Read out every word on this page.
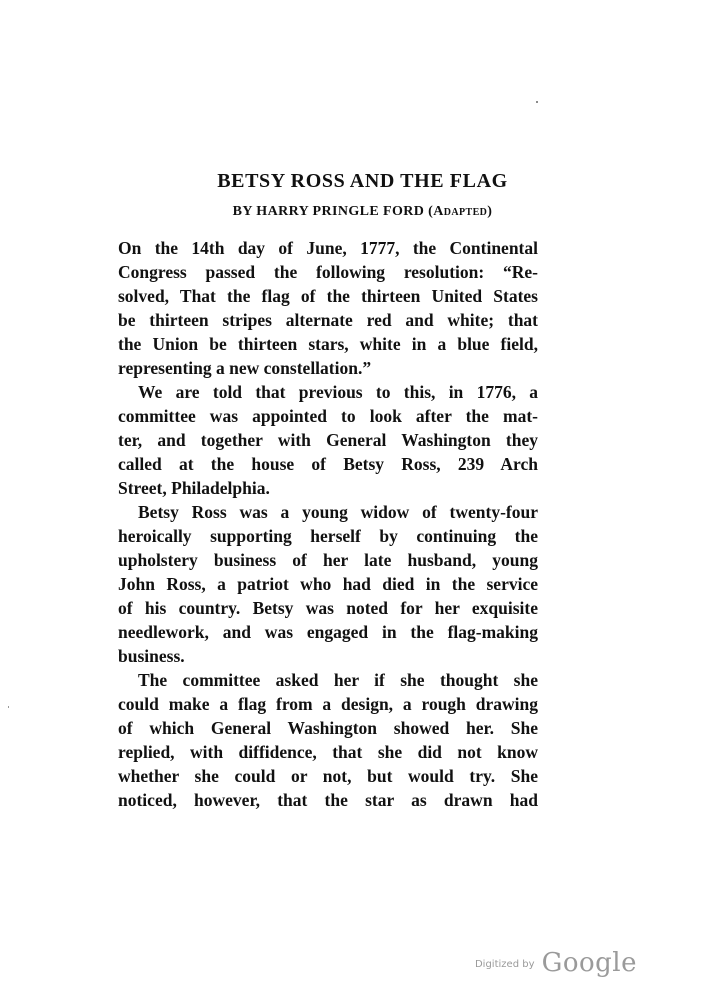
BETSY ROSS AND THE FLAG
BY HARRY PRINGLE FORD (Adapted)
On the 14th day of June, 1777, the Continental
Congress passed the following resolution: “Re-
solved, That the flag of the thirteen United States
be thirteen stripes alternate red and white; that
the Union be thirteen stars, white in a blue field,
representing a new constellation.”
We are told that previous to this, in 1776, a
committee was appointed to look after the mat-
ter, and together with General Washington they
called at the house of Betsy Ross, 239 Arch
Street, Philadelphia.
Betsy Ross was a young widow of twenty-four
heroically supporting herself by continuing the
upholstery business of her late husband, young
John Ross, a patriot who had died in the service
of his country. Betsy was noted for her exquisite
needlework, and was engaged in the flag-making
business.
The committee asked her if she thought she
could make a flag from a design, a rough drawing
of which General Washington showed her. She
replied, with diffidence, that she did not know
whether she could or not, but would try. She
noticed, however, that the star as drawn had
$^{Digitized by}$ Google
